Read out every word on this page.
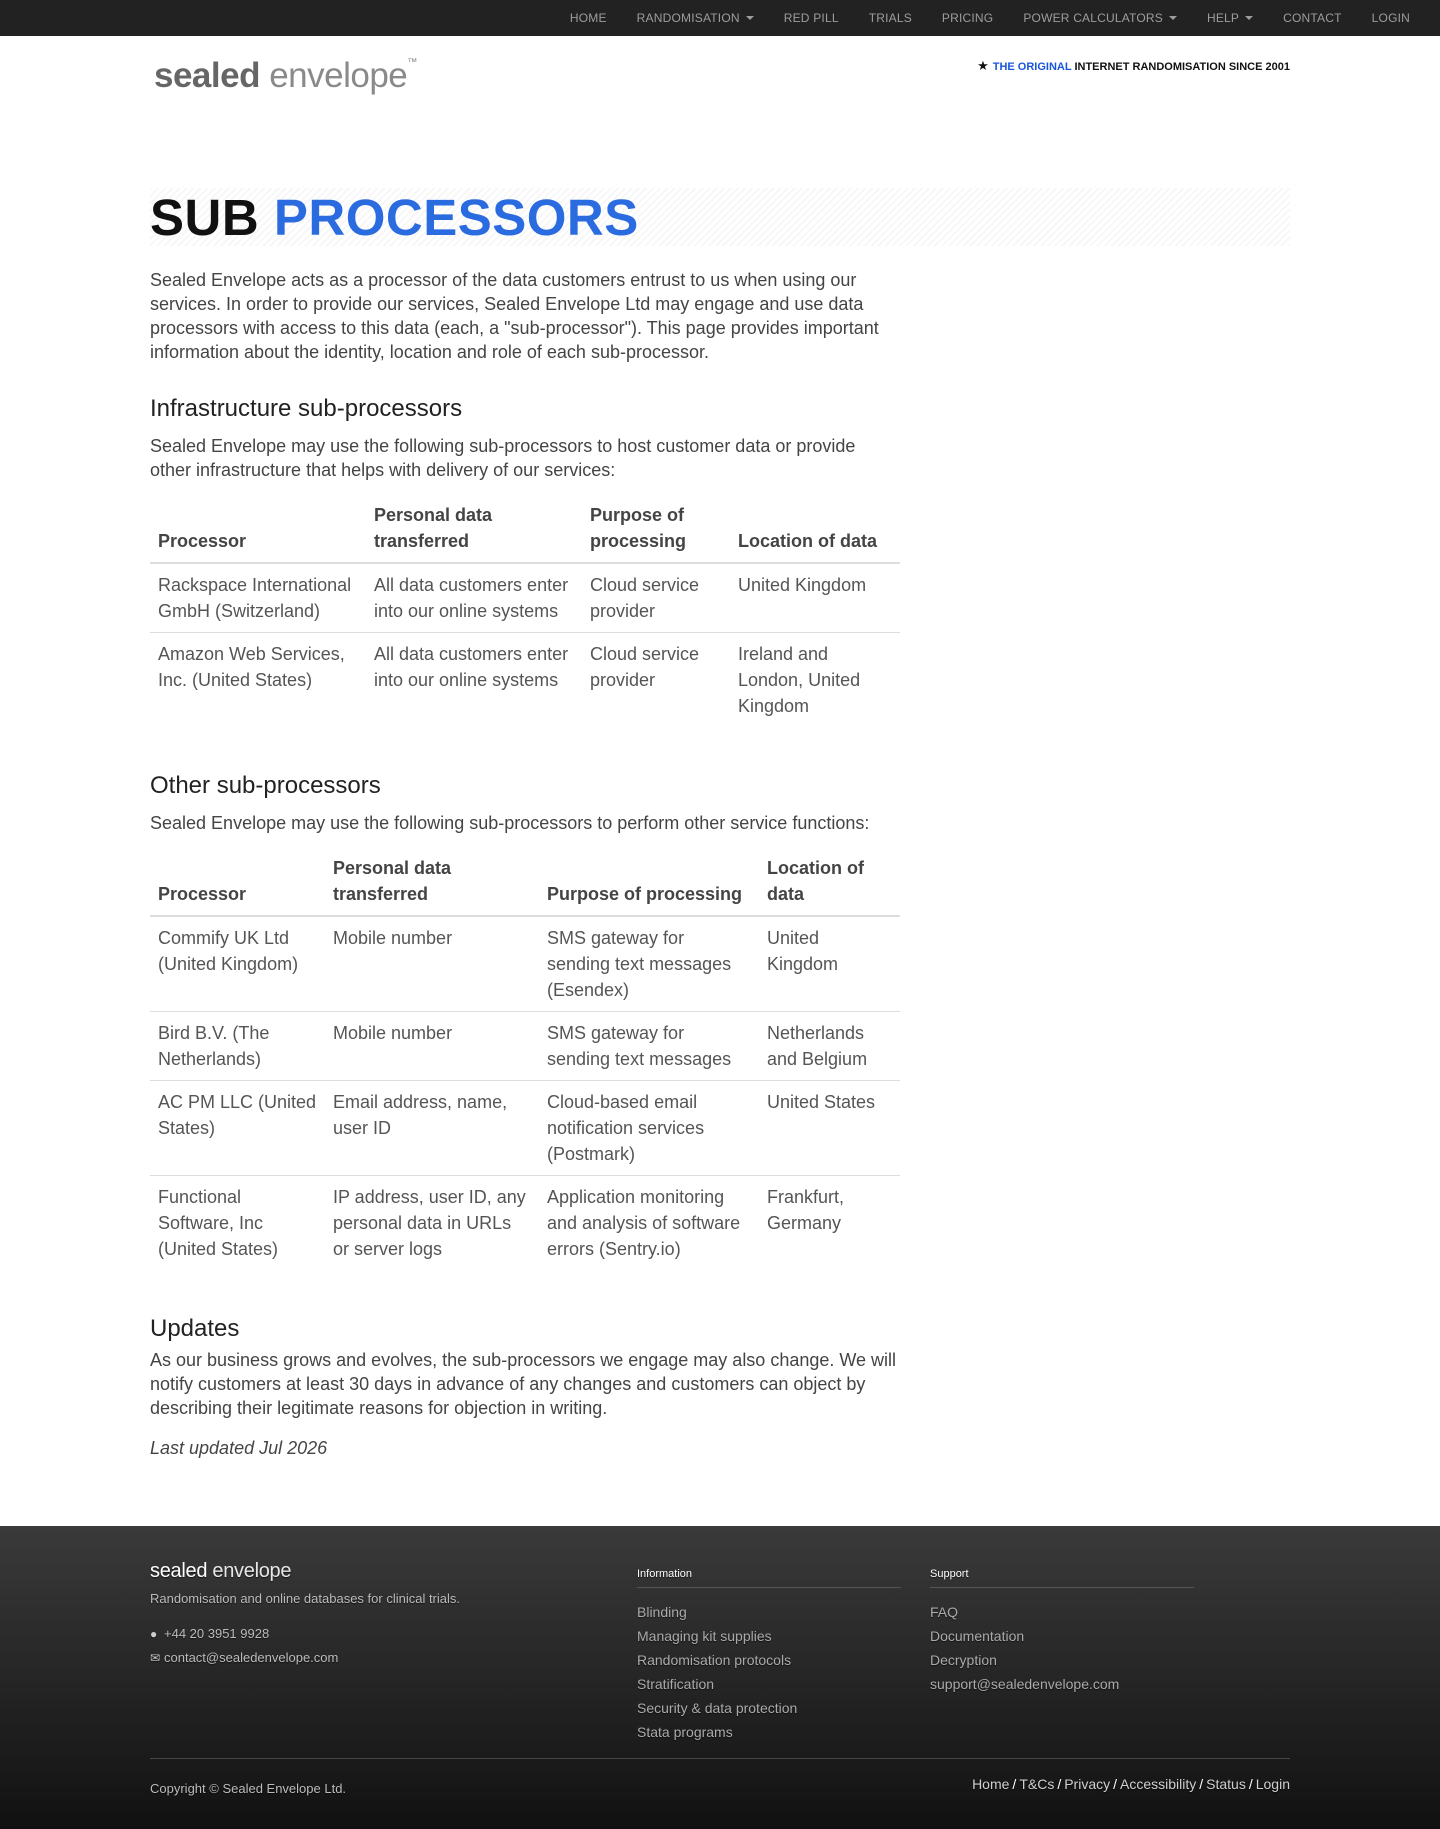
HOME	RANDOMISATION	RED PILL	TRIALS	PRICING	POWER CALCULATORS	HELP	CONTACT	LOGIN
sealed envelope™	★ THE ORIGINAL INTERNET RANDOMISATION SINCE 2001
SUB PROCESSORS

Sealed Envelope acts as a processor of the data customers entrust to us when using our services. In order to provide our services, Sealed Envelope Ltd may engage and use data processors with access to this data (each, a "sub-processor"). This page provides important information about the identity, location and role of each sub-processor.

Infrastructure sub-processors

Sealed Envelope may use the following sub-processors to host customer data or provide other infrastructure that helps with delivery of our services:

Processor	Personal data transferred	Purpose of processing	Location of data
Rackspace International GmbH (Switzerland)	All data customers enter into our online systems	Cloud service provider	United Kingdom
Amazon Web Services, Inc. (United States)	All data customers enter into our online systems	Cloud service provider	Ireland and London, United Kingdom
Other sub-processors

Sealed Envelope may use the following sub-processors to perform other service functions:

Processor	Personal data transferred	Purpose of processing	Location of data
Commify UK Ltd (United Kingdom)	Mobile number	SMS gateway for sending text messages (Esendex)	United Kingdom
Bird B.V. (The Netherlands)	Mobile number	SMS gateway for sending text messages	Netherlands and Belgium
AC PM LLC (United States)	Email address, name, user ID	Cloud-based email notification services (Postmark)	United States
Functional Software, Inc (United States)	IP address, user ID, any personal data in URLs or server logs	Application monitoring and analysis of software errors (Sentry.io)	Frankfurt, Germany
Updates

As our business grows and evolves, the sub-processors we engage may also change. We will notify customers at least 30 days in advance of any changes and customers can object by describing their legitimate reasons for objection in writing.

Last updated Jul 2026

sealed envelope
Randomisation and online databases for clinical trials.
● +44 20 3951 9928
✉ contact@sealedenvelope.com
Information
Blinding
Managing kit supplies
Randomisation protocols
Stratification
Security & data protection
Stata programs
Support
FAQ
Documentation
Decryption
support@sealedenvelope.com
Copyright © Sealed Envelope Ltd.	Home / T&Cs / Privacy / Accessibility / Status / Login
